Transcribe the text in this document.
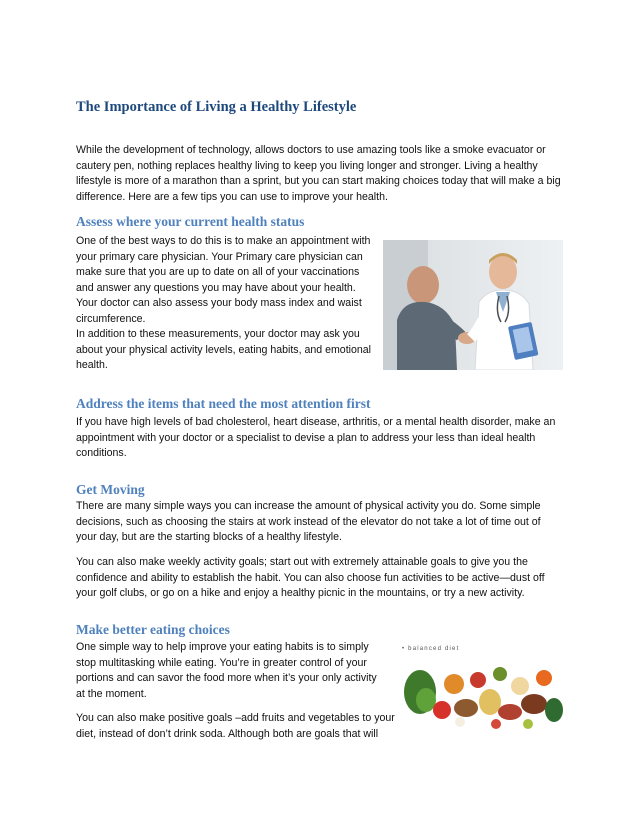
The Importance of Living a Healthy Lifestyle
While the development of technology, allows doctors to use amazing tools like a smoke evacuator or
cautery pen, nothing replaces healthy living to keep you living longer and stronger. Living a healthy
lifestyle is more of a marathon than a sprint, but you can start making choices today that will make a big
difference. Here are a few tips you can use to improve your health.
Assess where your current health status
One of the best ways to do this is to make an appointment with
your primary care physician. Your Primary care physician can
make sure that you are up to date on all of your vaccinations
and answer any questions you may have about your health.
Your doctor can also assess your body mass index and waist
circumference.
In addition to these measurements, your doctor may ask you
about your physical activity levels, eating habits, and emotional
health.
Address the items that need the most attention first
If you have high levels of bad cholesterol, heart disease, arthritis, or a mental health disorder, make an
appointment with your doctor or a specialist to devise a plan to address your less than ideal health
conditions.
Get Moving
There are many simple ways you can increase the amount of physical activity you do. Some simple
decisions, such as choosing the stairs at work instead of the elevator do not take a lot of time out of
your day, but are the starting blocks of a healthy lifestyle.
You can also make weekly activity goals; start out with extremely attainable goals to give you the
confidence and ability to establish the habit. You can also choose fun activities to be active—dust off
your golf clubs, or go on a hike and enjoy a healthy picnic in the mountains, or try a new activity.
Make better eating choices
One simple way to help improve your eating habits is to simply
stop multitasking while eating. You’re in greater control of your
portions and can savor the food more when it’s your only activity
at the moment.
You can also make positive goals –add fruits and vegetables to your
diet, instead of don’t drink soda. Although both are goals that will
• balanced diet
